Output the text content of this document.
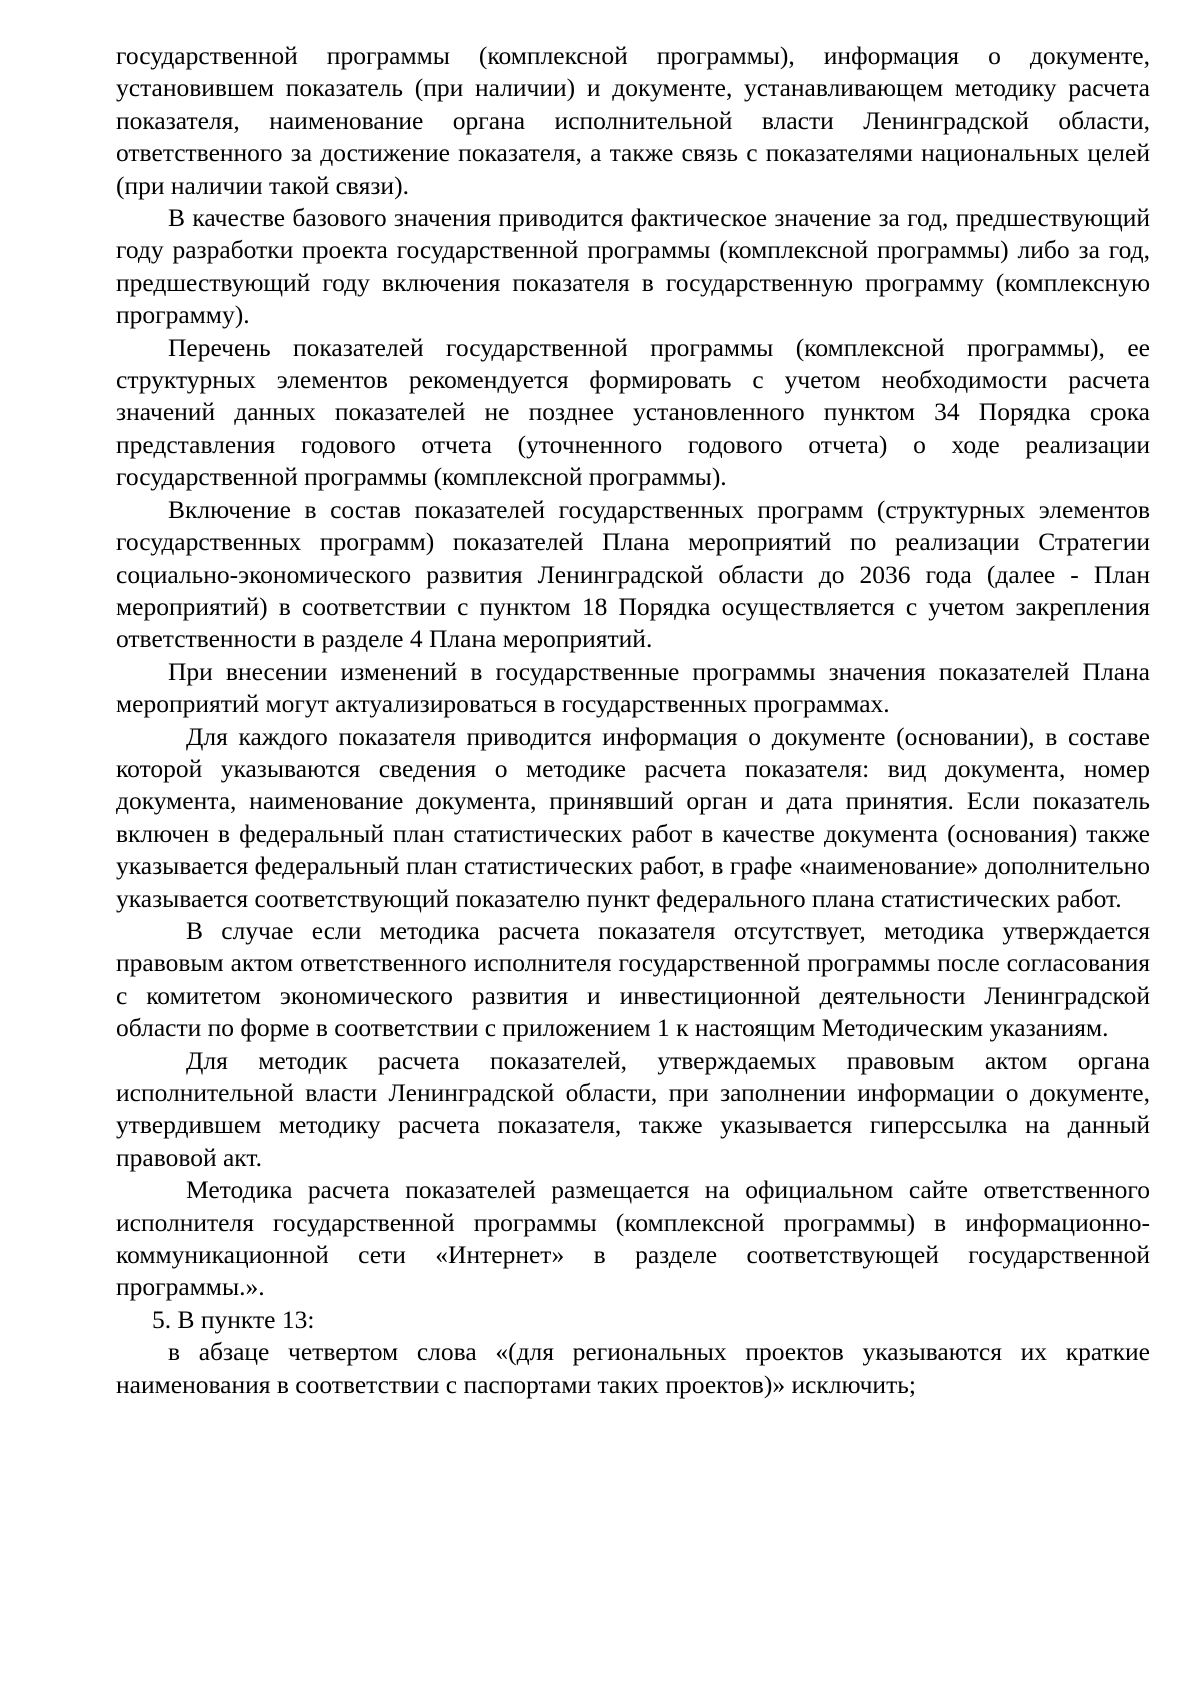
государственной программы (комплексной программы), информация о документе, установившем показатель (при наличии) и документе, устанавливающем методику расчета показателя, наименование органа исполнительной власти Ленинградской области, ответственного за достижение показателя, а также связь с показателями национальных целей (при наличии такой связи).

В качестве базового значения приводится фактическое значение за год, предшествующий году разработки проекта государственной программы (комплексной программы) либо за год, предшествующий году включения показателя в государственную программу (комплексную программу).

Перечень показателей государственной программы (комплексной программы), ее структурных элементов рекомендуется формировать с учетом необходимости расчета значений данных показателей не позднее установленного пунктом 34 Порядка срока представления годового отчета (уточненного годового отчета) о ходе реализации государственной программы (комплексной программы).

Включение в состав показателей государственных программ (структурных элементов государственных программ) показателей Плана мероприятий по реализации Стратегии социально-экономического развития Ленинградской области до 2036 года (далее - План мероприятий) в соответствии с пунктом 18 Порядка осуществляется с учетом закрепления ответственности в разделе 4 Плана мероприятий.

При внесении изменений в государственные программы значения показателей Плана мероприятий могут актуализироваться в государственных программах.

Для каждого показателя приводится информация о документе (основании), в составе которой указываются сведения о методике расчета показателя: вид документа, номер документа, наименование документа, принявший орган и дата принятия. Если показатель включен в федеральный план статистических работ в качестве документа (основания) также указывается федеральный план статистических работ, в графе «наименование» дополнительно указывается соответствующий показателю пункт федерального плана статистических работ.

В случае если методика расчета показателя отсутствует, методика утверждается правовым актом ответственного исполнителя государственной программы после согласования с комитетом экономического развития и инвестиционной деятельности Ленинградской области по форме в соответствии с приложением 1 к настоящим Методическим указаниям.

Для методик расчета показателей, утверждаемых правовым актом органа исполнительной власти Ленинградской области, при заполнении информации о документе, утвердившем методику расчета показателя, также указывается гиперссылка на данный правовой акт.

Методика расчета показателей размещается на официальном сайте ответственного исполнителя государственной программы (комплексной программы) в информационно-коммуникационной сети «Интернет» в разделе соответствующей государственной программы.».

5. В пункте 13:

в абзаце четвертом слова «(для региональных проектов указываются их краткие наименования в соответствии с паспортами таких проектов)» исключить;
